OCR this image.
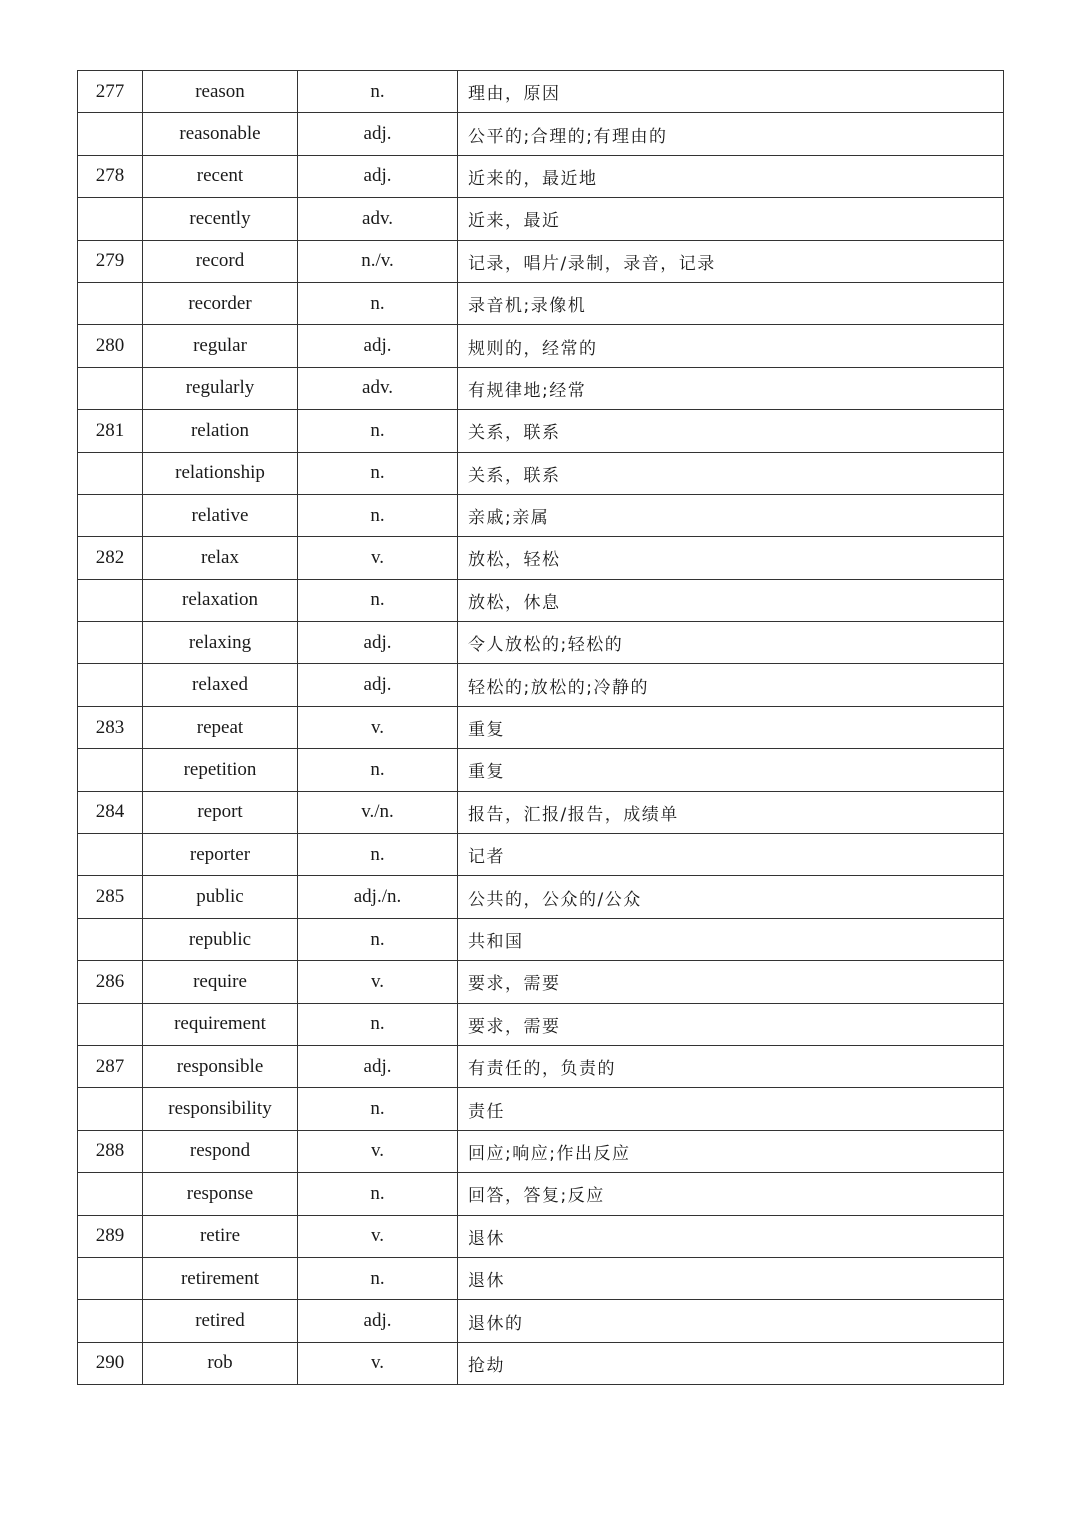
277	reason	n.	理由，原因
	reasonable	adj.	公平的;合理的;有理由的
278	recent	adj.	近来的，最近地
	recently	adv.	近来，最近
279	record	n./v.	记录，唱片/录制，录音，记录
	recorder	n.	录音机;录像机
280	regular	adj.	规则的，经常的
	regularly	adv.	有规律地;经常
281	relation	n.	关系，联系
	relationship	n.	关系，联系
	relative	n.	亲戚;亲属
282	relax	v.	放松，轻松
	relaxation	n.	放松，休息
	relaxing	adj.	令人放松的;轻松的
	relaxed	adj.	轻松的;放松的;冷静的
283	repeat	v.	重复
	repetition	n.	重复
284	report	v./n.	报告，汇报/报告，成绩单
	reporter	n.	记者
285	public	adj./n.	公共的，公众的/公众
	republic	n.	共和国
286	require	v.	要求，需要
	requirement	n.	要求，需要
287	responsible	adj.	有责任的，负责的
	responsibility	n.	责任
288	respond	v.	回应;响应;作出反应
	response	n.	回答，答复;反应
289	retire	v.	退休
	retirement	n.	退休
	retired	adj.	退休的
290	rob	v.	抢劫
